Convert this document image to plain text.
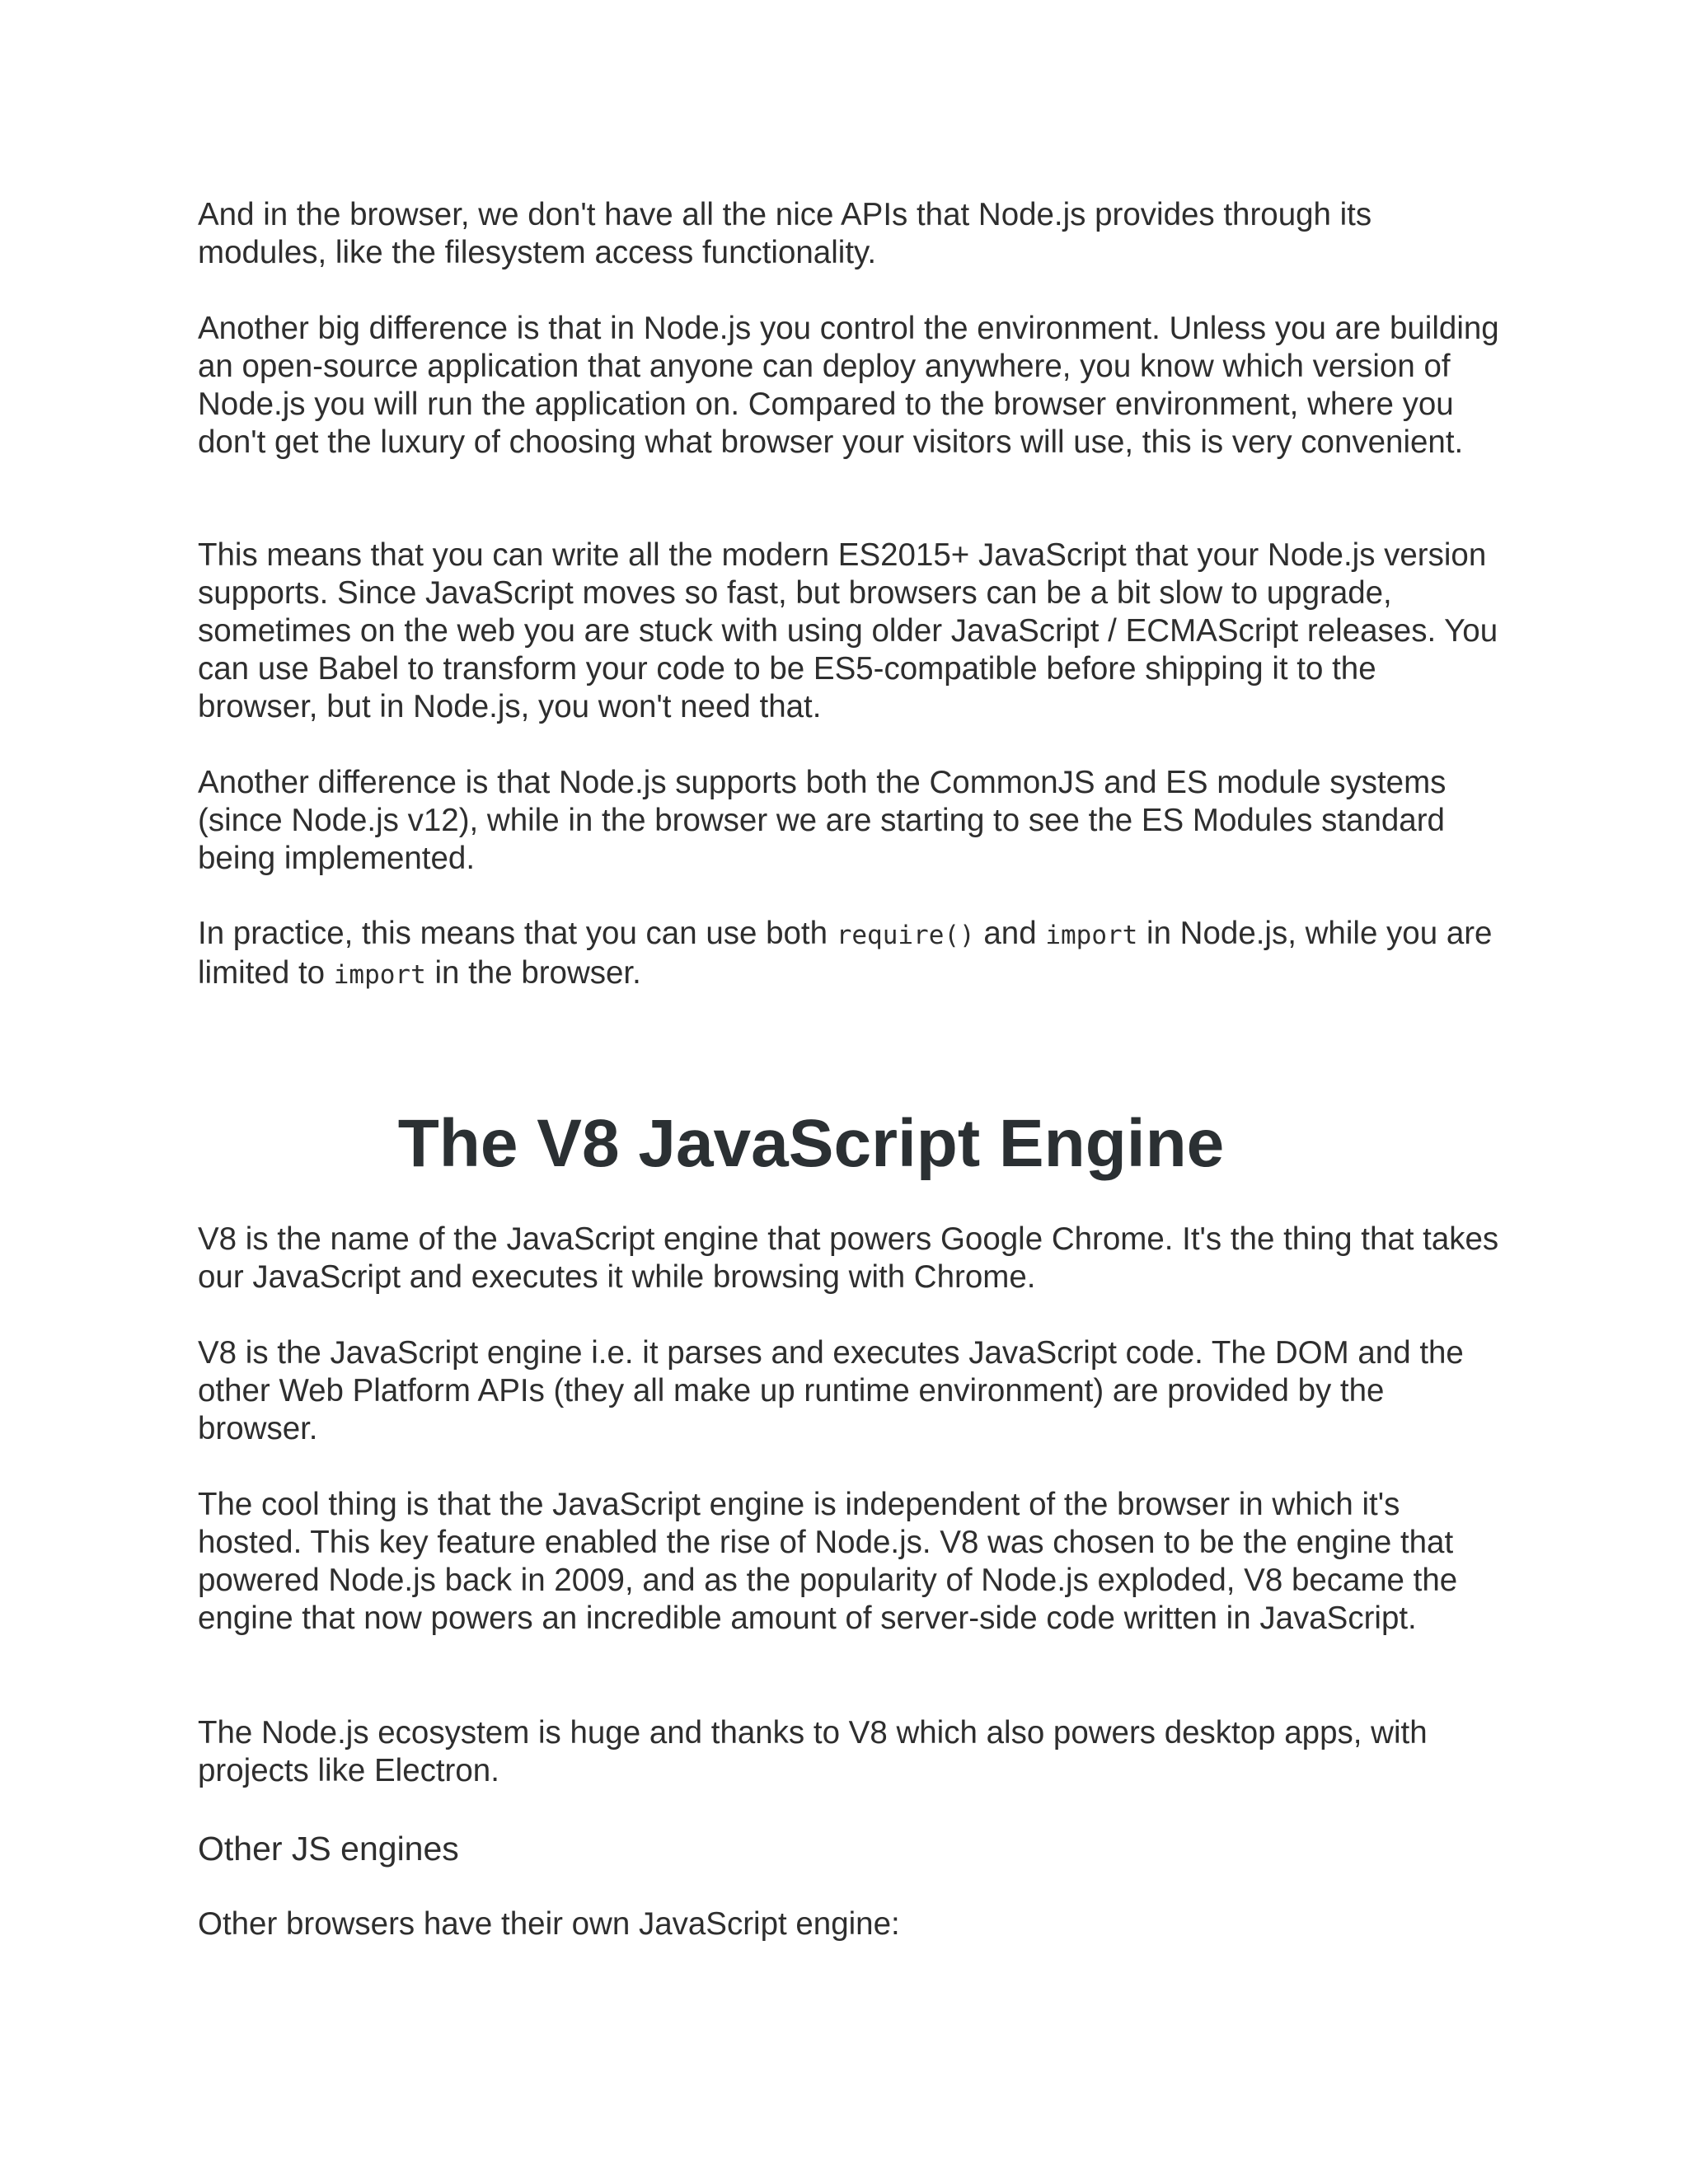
And in the browser, we don't have all the nice APIs that Node.js provides through its modules, like the filesystem access functionality.

Another big difference is that in Node.js you control the environment. Unless you are building an open-source application that anyone can deploy anywhere, you know which version of Node.js you will run the application on. Compared to the browser environment, where you don't get the luxury of choosing what browser your visitors will use, this is very convenient.

This means that you can write all the modern ES2015+ JavaScript that your Node.js version supports. Since JavaScript moves so fast, but browsers can be a bit slow to upgrade, sometimes on the web you are stuck with using older JavaScript / ECMAScript releases. You can use Babel to transform your code to be ES5-compatible before shipping it to the browser, but in Node.js, you won't need that.

Another difference is that Node.js supports both the CommonJS and ES module systems (since Node.js v12), while in the browser we are starting to see the ES Modules standard being implemented.

In practice, this means that you can use both require() and import in Node.js, while you are limited to import in the browser.

The V8 JavaScript Engine

V8 is the name of the JavaScript engine that powers Google Chrome. It's the thing that takes our JavaScript and executes it while browsing with Chrome.

V8 is the JavaScript engine i.e. it parses and executes JavaScript code. The DOM and the other Web Platform APIs (they all make up runtime environment) are provided by the browser.

The cool thing is that the JavaScript engine is independent of the browser in which it's hosted. This key feature enabled the rise of Node.js. V8 was chosen to be the engine that powered Node.js back in 2009, and as the popularity of Node.js exploded, V8 became the engine that now powers an incredible amount of server-side code written in JavaScript.

The Node.js ecosystem is huge and thanks to V8 which also powers desktop apps, with projects like Electron.

Other JS engines

Other browsers have their own JavaScript engine:
